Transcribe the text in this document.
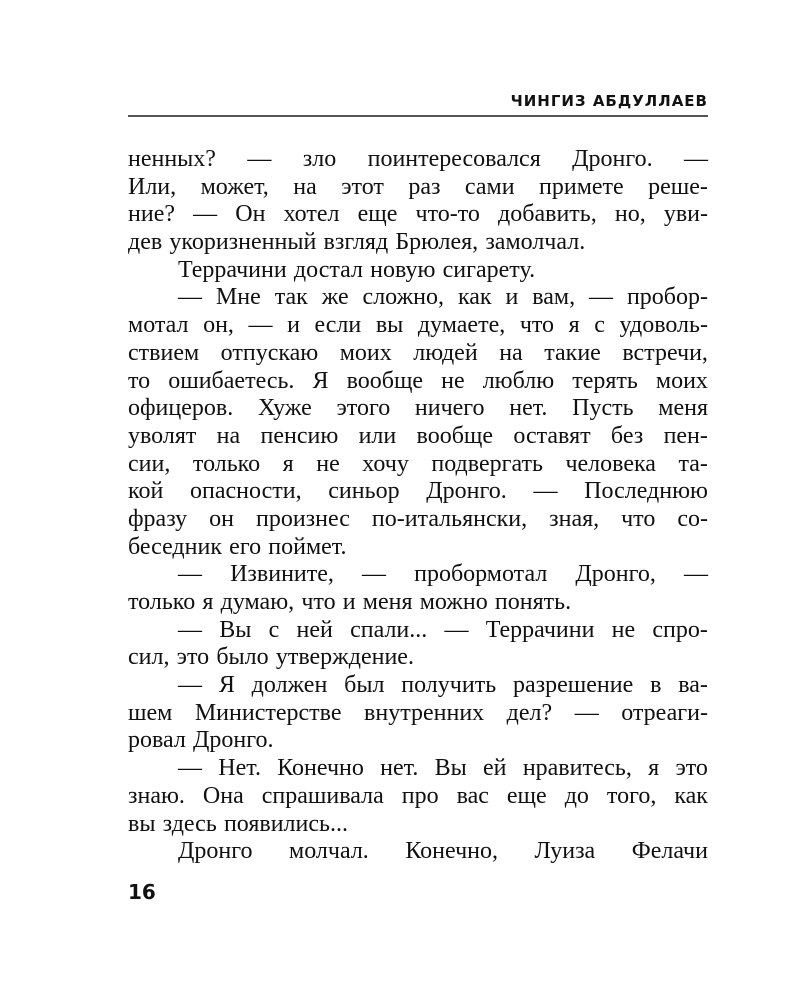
ЧИНГИЗ АБДУЛЛАЕВ
ненных? — зло поинтересовался Дронго. —
Или, может, на этот раз сами примете реше-
ние? — Он хотел еще что-то добавить, но, уви-
дев укоризненный взгляд Брюлея, замолчал.
Террачини достал новую сигарету.
— Мне так же сложно, как и вам, — пробор-
мотал он, — и если вы думаете, что я с удоволь-
ствием отпускаю моих людей на такие встречи,
то ошибаетесь. Я вообще не люблю терять моих
офицеров. Хуже этого ничего нет. Пусть меня
уволят на пенсию или вообще оставят без пен-
сии, только я не хочу подвергать человека та-
кой опасности, синьор Дронго. — Последнюю
фразу он произнес по-итальянски, зная, что со-
беседник его поймет.
— Извините, — пробормотал Дронго, —
только я думаю, что и меня можно понять.
— Вы с ней спали... — Террачини не спро-
сил, это было утверждение.
— Я должен был получить разрешение в ва-
шем Министерстве внутренних дел? — отреаги-
ровал Дронго.
— Нет. Конечно нет. Вы ей нравитесь, я это
знаю. Она спрашивала про вас еще до того, как
вы здесь появились...
Дронго молчал. Конечно, Луиза Фелачи
16
